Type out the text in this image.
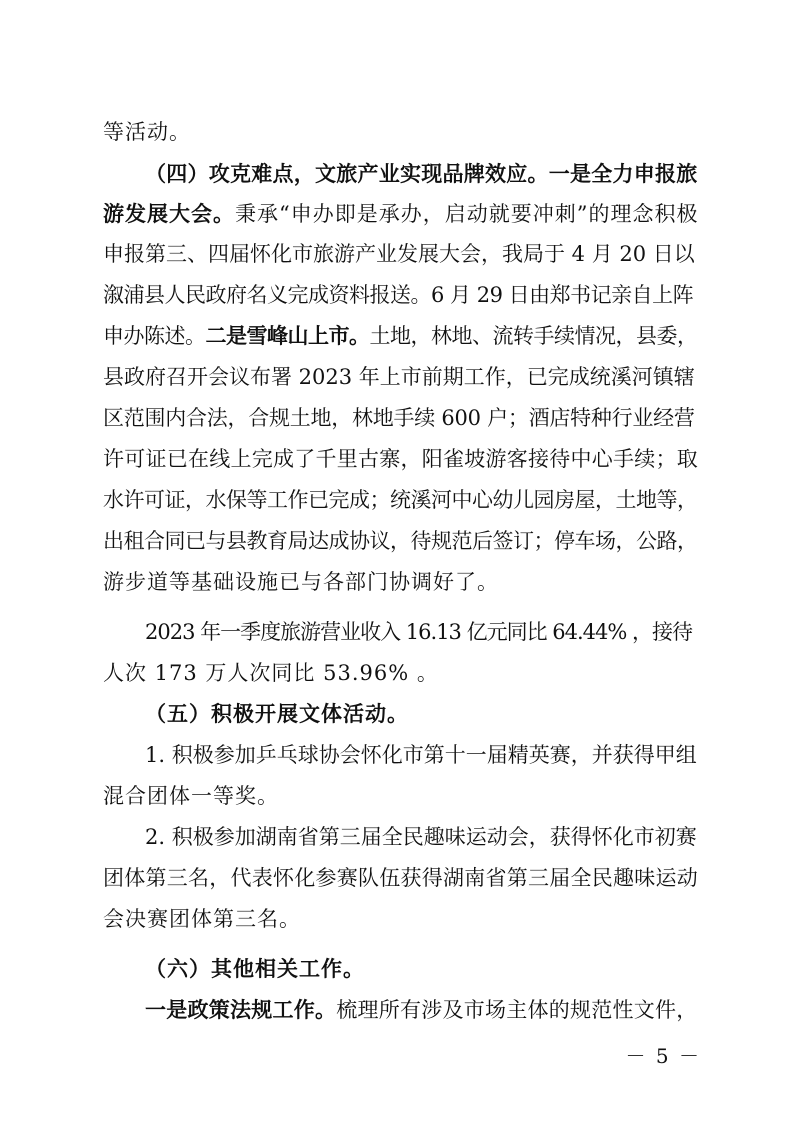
等活动。
（四）攻克难点，文旅产业实现品牌效应。一是全力申报旅
游发展大会。秉承“申办即是承办，启动就要冲刺”的理念积极
申报第三、四届怀化市旅游产业发展大会，我局于 4 月 20 日以
溆浦县人民政府名义完成资料报送。6 月 29 日由郑书记亲自上阵
申办陈述。二是雪峰山上市。土地，林地、流转手续情况，县委，
县政府召开会议布署 2023 年上市前期工作，已完成统溪河镇辖
区范围内合法，合规土地，林地手续 600 户；酒店特种行业经营
许可证已在线上完成了千里古寨，阳雀坡游客接待中心手续；取
水许可证，水保等工作已完成；统溪河中心幼儿园房屋，土地等，
出租合同已与县教育局达成协议，待规范后签订；停车场，公路，
游步道等基础设施已与各部门协调好了。
2023 年一季度旅游营业收入 16.13 亿元同比 64.44% ，接待
人次 173 万人次同比 53.96% 。
（五）积极开展文体活动。
1. 积极参加乒乓球协会怀化市第十一届精英赛，并获得甲组
混合团体一等奖。
2. 积极参加湖南省第三届全民趣味运动会，获得怀化市初赛
团体第三名，代表怀化参赛队伍获得湖南省第三届全民趣味运动
会决赛团体第三名。
（六）其他相关工作。
一是政策法规工作。梳理所有涉及市场主体的规范性文件，
－ 5 －
